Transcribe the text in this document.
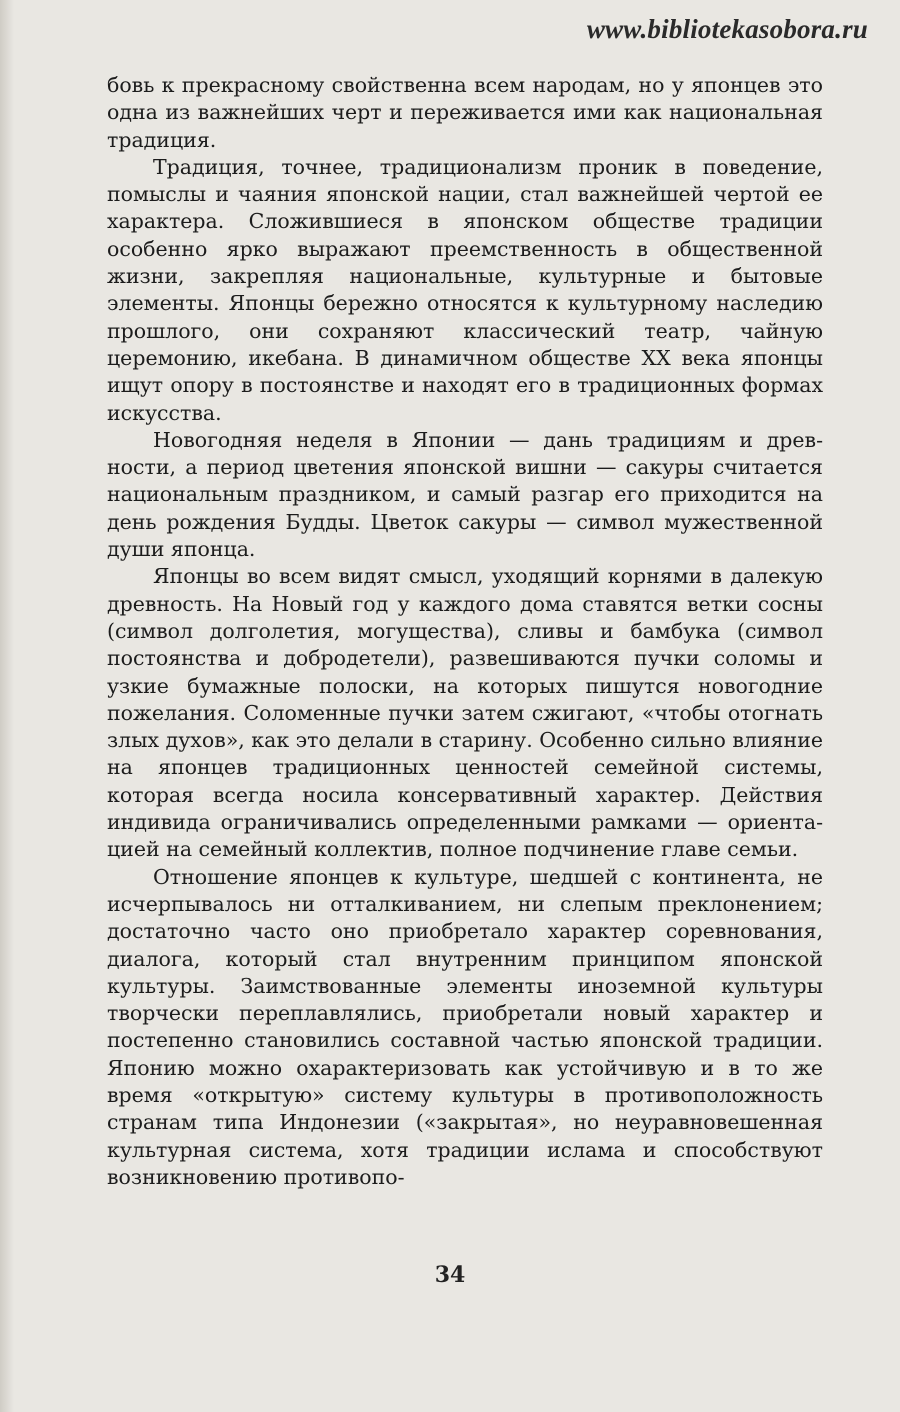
www.bibliotekasobora.ru

бовь к прекрасному свойственна всем народам, но у японцев это одна из важнейших черт и переживается ими как национальная традиция.

Традиция, точнее, традиционализм проник в поведение, помыслы и чаяния японской нации, стал важнейшей чертой ее характера. Сложившиеся в японском обществе традиции особенно ярко выражают преемственность в общественной жизни, закрепляя национальные, культурные и бытовые элементы. Японцы бережно относятся к культурному наследию прошлого, они сохраняют классический театр, чайную церемонию, икебана. В динамичном обществе XX века японцы ищут опору в постоянстве и находят его в традиционных формах искусства.

Новогодняя неделя в Японии — дань традициям и древности, а период цветения японской вишни — сакуры считается национальным праздником, и самый разгар его приходится на день рождения Будды. Цветок сакуры — символ мужественной души японца.

Японцы во всем видят смысл, уходящий корнями в далекую древность. На Новый год у каждого дома ставятся ветки сосны (символ долголетия, могущества), сливы и бамбука (символ постоянства и добродетели), развешиваются пучки соломы и узкие бумажные полоски, на которых пишутся новогодние пожелания. Соломенные пучки затем сжигают, «чтобы отогнать злых духов», как это делали в старину. Особенно сильно влияние на японцев традиционных ценностей семейной системы, которая всегда носила консервативный характер. Действия индивида ограничивались определенными рамками — ориентацией на семейный коллектив, полное подчинение главе семьи.

Отношение японцев к культуре, шедшей с континента, не исчерпывалось ни отталкиванием, ни слепым преклонением; достаточно часто оно приобретало характер соревнования, диалога, который стал внутренним принципом японской культуры. Заимствованные элементы иноземной культуры творчески переплавлялись, приобретали новый характер и постепенно становились составной частью японской традиции. Японию можно охарактеризовать как устойчивую и в то же время «открытую» систему культуры в противоположность странам типа Индонезии («закрытая», но неуравновешенная культурная система, хотя традиции ислама и способствуют возникновению противопо-

34
